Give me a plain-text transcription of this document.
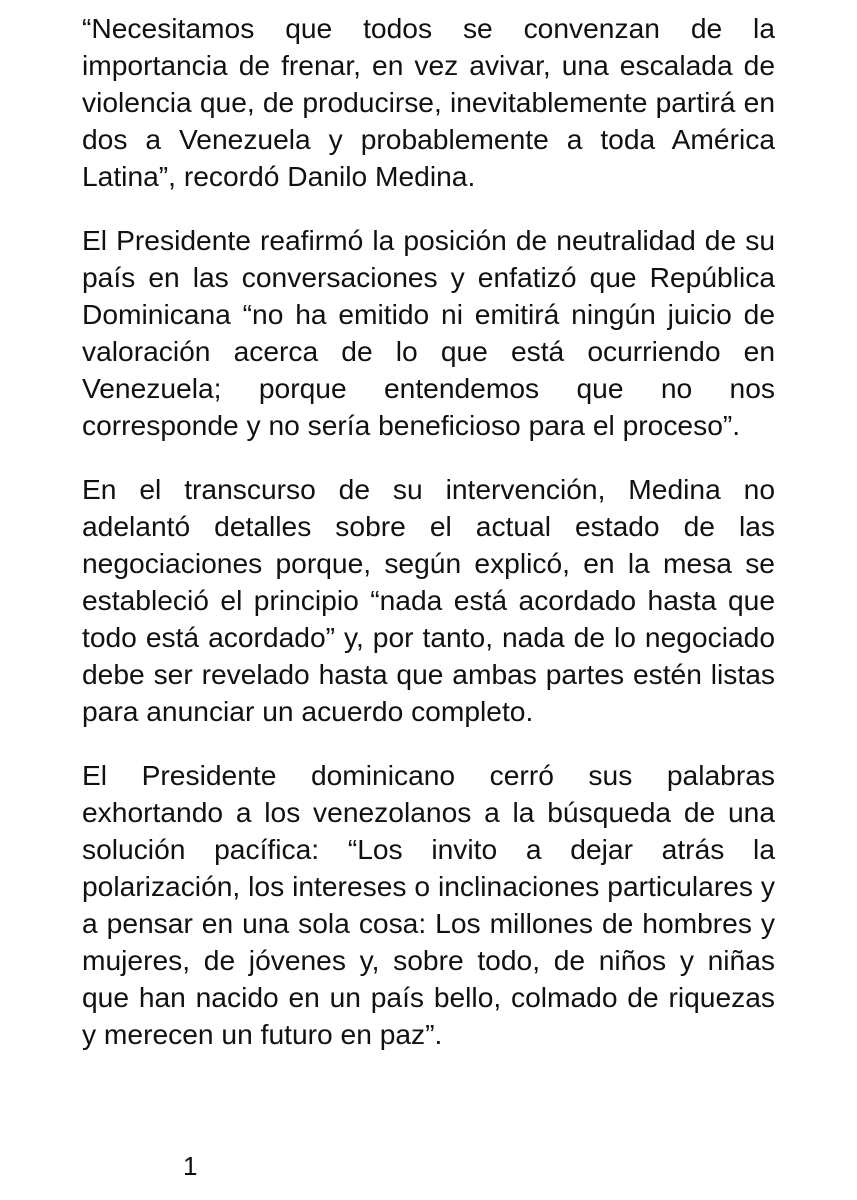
“Necesitamos que todos se convenzan de la importancia de frenar, en vez avivar, una escalada de violencia que, de producirse, inevitablemente partirá en dos a Venezuela y probablemente a toda América Latina”, recordó Danilo Medina.

El Presidente reafirmó la posición de neutralidad de su país en las conversaciones y enfatizó que República Dominicana “no ha emitido ni emitirá ningún juicio de valoración acerca de lo que está ocurriendo en Venezuela; porque entendemos que no nos corresponde y no sería beneficioso para el proceso”.

En el transcurso de su intervención, Medina no adelantó detalles sobre el actual estado de las negociaciones porque, según explicó, en la mesa se estableció el principio “nada está acordado hasta que todo está acordado” y, por tanto, nada de lo negociado debe ser revelado hasta que ambas partes estén listas para anunciar un acuerdo completo.

El Presidente dominicano cerró sus palabras exhortando a los venezolanos a la búsqueda de una solución pacífica: “Los invito a dejar atrás la polarización, los intereses o inclinaciones particulares y a pensar en una sola cosa: Los millones de hombres y mujeres, de jóvenes y, sobre todo, de niños y niñas que han nacido en un país bello, colmado de riquezas y merecen un futuro en paz”.

1
